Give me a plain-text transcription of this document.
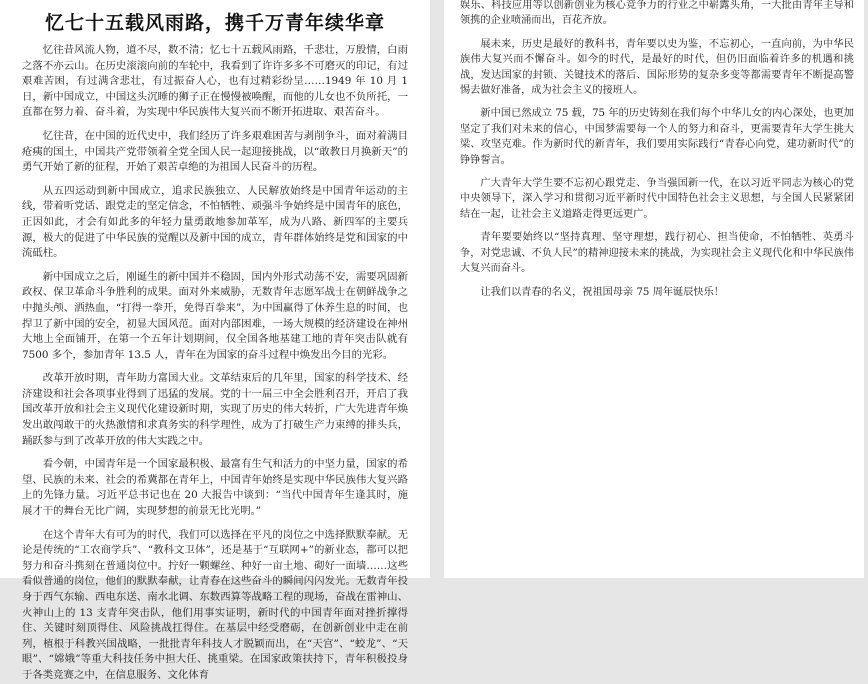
忆七十五载风雨路，携千万青年续华章

忆往昔风流人物，道不尽，数不清；忆七十五载风雨路，千悲壮，万殷情，白雨之落不亦云山。在历史滚滚向前的车轮中，我看到了许许多多不可磨灭的印记，有过艰难苦困，有过满含悲壮，有过振奋人心，也有过精彩纷呈……1949 年 10 月 1 日，新中国成立，中国这头沉睡的狮子正在慢慢被唤醒，而他的儿女也不负所托，一直都在努力着、奋斗着，为实现中华民族伟大复兴而不断开拓进取、艰苦奋斗。

忆往昔，在中国的近代史中，我们经历了许多艰难困苦与剥削争斗，面对着满目疮痍的国土，中国共产党带领着全党全国人民一起迎接挑战，以“敢教日月换新天”的勇气开始了新的征程，开始了艰苦卓绝的为祖国人民奋斗的历程。

从五四运动到新中国成立，追求民族独立、人民解放始终是中国青年运动的主线，带着听党话、跟党走的坚定信念，不怕牺牲、顽强斗争始终是中国青年的底色，正因如此，才会有如此多的年轻力量勇敢地参加革军，成为八路、新四军的主要兵源，极大的促进了中华民族的觉醒以及新中国的成立，青年群体始终是党和国家的中流砥柱。

新中国成立之后，刚诞生的新中国并不稳固，国内外形式动荡不安，需要巩固新政权、保卫革命斗争胜利的成果。面对外来威胁，无数青年志愿军战士在朝鲜战争之中抛头颅、洒热血，“打得一拳开，免得百拳来”，为中国赢得了休养生息的时间，也捍卫了新中国的安全，初显大国风范。面对内部困难，一场大规模的经济建设在神州大地上全面铺开，在第一个五年计划期间，仅全国各地基建工地的青年突击队就有 7500 多个，参加青年 13.5 人，青年在为国家的奋斗过程中焕发出今目的光彩。

改革开放时期，青年助力富国大业。文革结束后的几年里，国家的科学技术、经济建设和社会各项事业得到了迅猛的发展。党的十一届三中全会胜利召开，开启了我国改革开放和社会主义现代化建设新时期，实现了历史的伟大转折，广大先进青年焕发出敢闯敢干的火热激情和求真务实的科学理性，成为了打破生产力束缚的排头兵，踊跃参与到了改革开放的伟大实践之中。

看今朝，中国青年是一个国家最积极、最富有生气和活力的中坚力量，国家的希望、民族的未来、社会的希冀都在青年上，中国青年始终是实现中华民族伟大复兴路上的先锋力量。习近平总书记也在 20 大报告中谈到：“当代中国青年生逢其时，施展才干的舞台无比广阔，实现梦想的前景无比光明。”

在这个青年大有可为的时代，我们可以选择在平凡的岗位之中选择默默奉献。无论是传统的“工农商学兵”、“教科文卫体”，还是基于“互联网+”的新业态，都可以把努力和奋斗携刻在普通岗位中。拧好一颗螺丝、种好一亩土地、砌好一面墙……这些看似普通的岗位，他们的默默奉献，让青春在这些奋斗的瞬间闪闪发光。无数青年投身于西气东输、西电东送、南水北调、东数西算等战略工程的现场，奋战在雷神山、火神山上的 13 支青年突击队，他们用事实证明，新时代的中国青年面对挫折撑得住、关键时刻顶得住、风险挑战扛得住。在基层中经受磨砺，在创新创业中走在前列，植根于科教兴国战略，一批批青年科技人才脱颖而出，在“天宫”、“蛟龙”、“天眼”、“嫦娥”等重大科技任务中担大任、挑重梁。在国家政策扶持下，青年积极投身于各类竞赛之中，在信息服务、文化体育

娱乐、科技应用等以创新创业为核心竞争力的行业之中崭露头角，一大批由青年主导和领携的企业喷涌而出，百花齐放。

展未来，历史是最好的教科书，青年要以史为鉴，不忘初心，一直向前，为中华民族伟大复兴而不懈奋斗。如今的时代，是最好的时代，但仍旧面临着许多的机遇和挑战，发达国家的封锁、关键技术的落后、国际形势的复杂多变等都需要青年不断提高警惕去做好准备，成为社会主义的接班人。

新中国已然成立 75 载，75 年的历史铸刻在我们每个中华儿女的内心深处，也更加坚定了我们对未来的信心，中国梦需要每一个人的努力和奋斗，更需要青年大学生挑大梁、攻坚克难。作为新时代的新青年，我们要用实际践行“青春心向党，建功新时代”的铮铮誓言。

广大青年大学生要不忘初心跟党走、争当强国新一代，在以习近平同志为核心的党中央领导下，深入学习和贯彻习近平新时代中国特色社会主义思想，与全国人民紧紧团结在一起，让社会主义道路走得更远更广。

青年要要始终以“坚持真理、坚守理想，践行初心、担当使命，不怕牺牲、英勇斗争，对党忠诚、不负人民”的精神迎接未来的挑战，为实现社会主义现代化和中华民族伟大复兴而奋斗。

让我们以青春的名义，祝祖国母亲 75 周年诞辰快乐！
